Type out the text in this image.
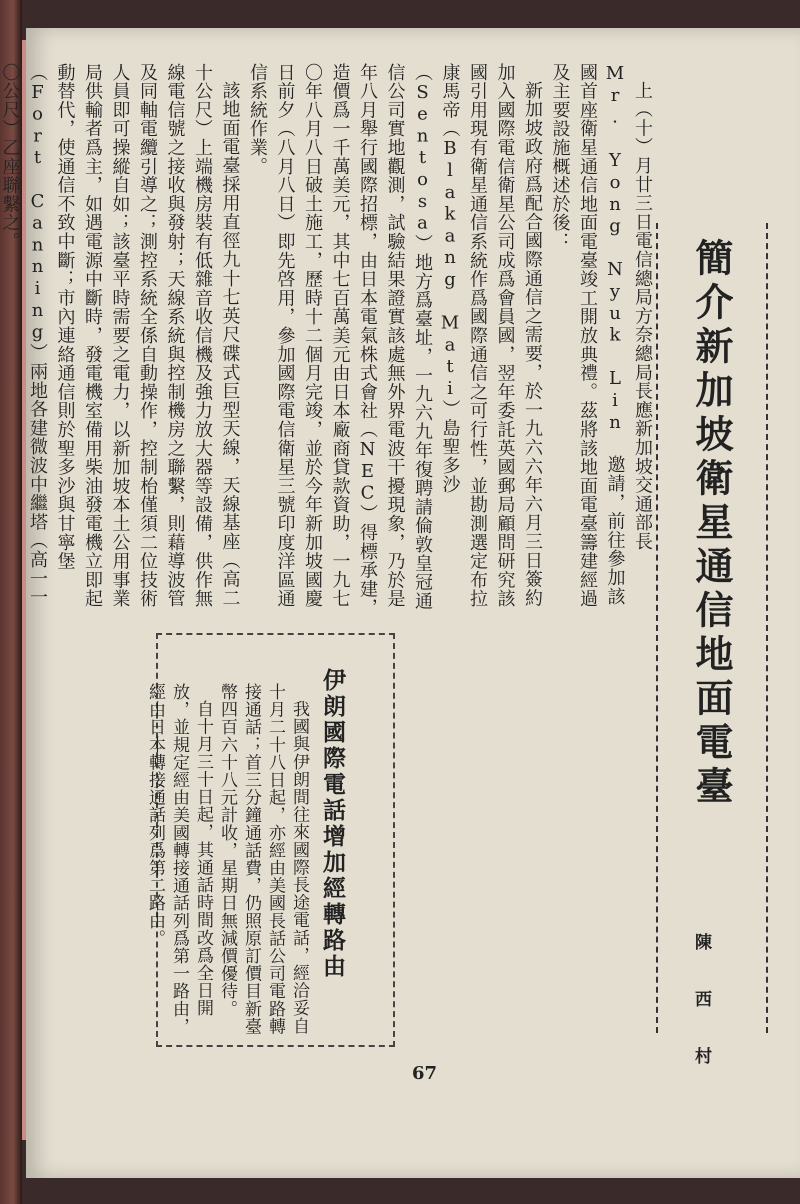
簡介新加坡衛星通信地面電臺
陳 西 村
上（十）月廿三日電信總局方奈總局長應新加坡交通部長 Mr. Yong Nyuk Lin 邀請，前往參加該國首座衛星通信地面電臺竣工開放典禮。茲將該地面電臺籌建經過及主要設施概述於後：
新加坡政府爲配合國際通信之需要，於一九六六年六月三日簽約加入國際電信衛星公司成爲會員國，翌年委託英國郵局顧問研究該國引用現有衛星通信系統作爲國際通信之可行性，並勘測選定布拉康馬帝（Blakang Mati）島聖多沙（Sentosa）地方爲臺址，一九六九年復聘請倫敦皇冠通信公司實地觀測，試驗結果證實該處無外界電波干擾現象，乃於是年八月舉行國際招標，由日本電氣株式會社（NEC）得標承建，造價爲一千萬美元，其中七百萬美元由日本廠商貸款資助，一九七〇年八月八日破土施工，歷時十二個月完竣，並於今年新加坡國慶日前夕（八月八日）即先啓用，參加國際電信衛星三號印度洋區通信系統作業。
該地面電臺採用直徑九十七英尺碟式巨型天線，天線基座（高二十公尺）上端機房裝有低雜音收信機及強力放大器等設備，供作無線電信號之接收與發射；天線系統與控制機房之聯繫，則藉導波管及同軸電纜引導之；測控系統全係自動操作，控制枱僅須二位技術人員即可操縱自如；該臺平時需要之電力，以新加坡本土公用事業局供輸者爲主，如遇電源中斷時，發電機室備用柴油發電機立即起動替代，使通信不致中斷；市內連絡通信則於聖多沙與甘寧堡（Fort Canning）兩地各建微波中繼塔（高一一〇公尺）乙座聯繫之。
伊朗國際電話增加經轉路由
我國與伊朗間往來國際長途電話，經洽妥自十月二十八日起，亦經由美國長話公司電路轉接通話；首三分鐘通話費，仍照原訂價目新臺幣四百六十八元計收，星期日無減價優待。
自十月三十日起，其通話時間改爲全日開放，並規定經由美國轉接通話列爲第一路由，經由日本轉接通話列爲第二路由。
67
